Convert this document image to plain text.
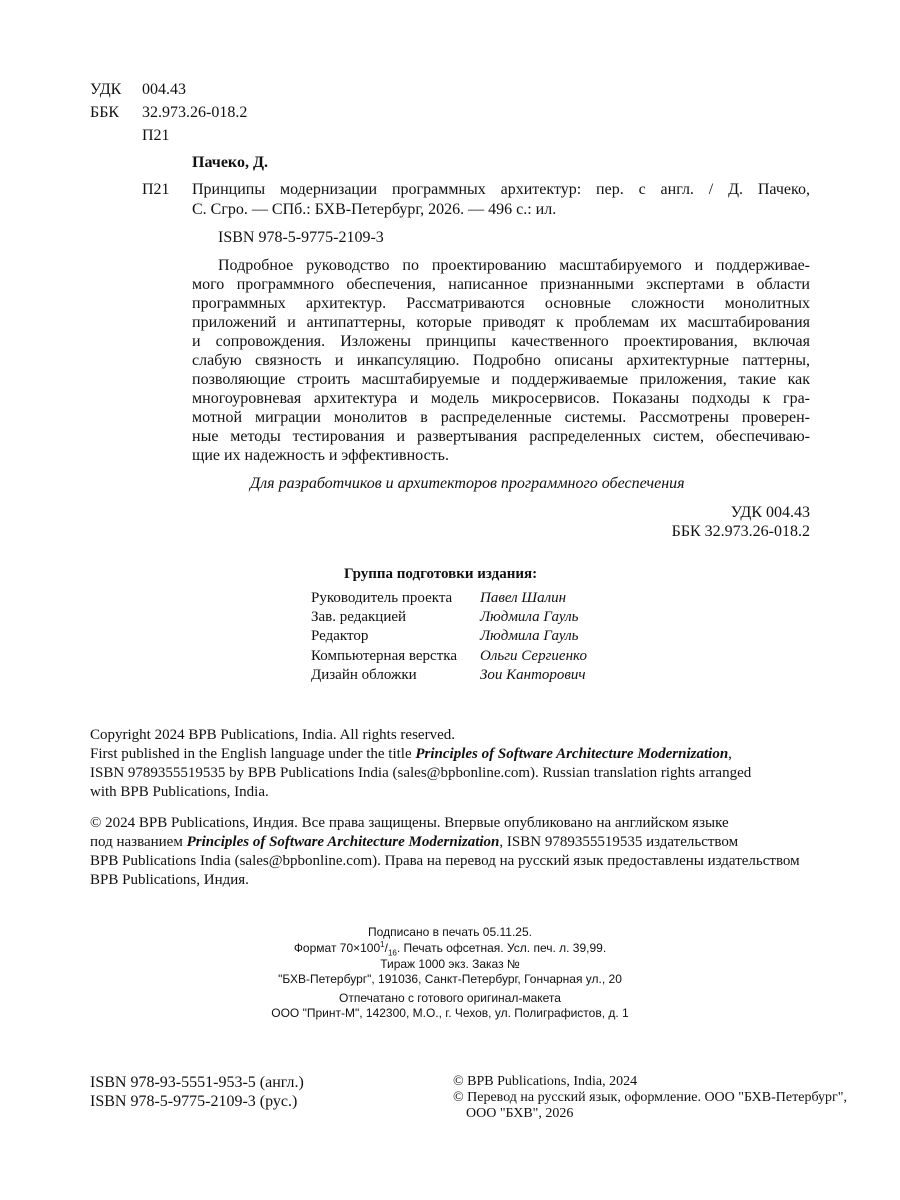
УДК 004.43
ББК 32.973.26-018.2
П21
Пачеко, Д.
П21 Принципы модернизации программных архитектур: пер. с англ. / Д. Пачеко,
С. Сгро. — СПб.: БХВ-Петербург, 2026. — 496 с.: ил.
ISBN 978-5-9775-2109-3
Подробное руководство по проектированию масштабируемого и поддерживае-
мого программного обеспечения, написанное признанными экспертами в области
программных архитектур. Рассматриваются основные сложности монолитных
приложений и антипаттерны, которые приводят к проблемам их масштабирования
и сопровождения. Изложены принципы качественного проектирования, включая
слабую связность и инкапсуляцию. Подробно описаны архитектурные паттерны,
позволяющие строить масштабируемые и поддерживаемые приложения, такие как
многоуровневая архитектура и модель микросервисов. Показаны подходы к гра-
мотной миграции монолитов в распределенные системы. Рассмотрены проверен-
ные методы тестирования и развертывания распределенных систем, обеспечиваю-
щие их надежность и эффективность.
Для разработчиков и архитекторов программного обеспечения
УДК 004.43
ББК 32.973.26-018.2
Группа подготовки издания:
Руководитель проекта Павел Шалин
Зав. редакцией	Людмила Гауль
Редактор	Людмила Гауль
Компьютерная верстка Ольги Сергиенко
Дизайн обложки	Зои Канторович
Copyright 2024 BPB Publications, India. All rights reserved.
First published in the English language under the title Principles of Software Architecture Modernization,
ISBN 9789355519535 by BPB Publications India (sales@bpbonline.com). Russian translation rights arranged
with BPB Publications, India.
© 2024 BPB Publications, Индия. Все права защищены. Впервые опубликовано на английском языке
под названием Principles of Software Architecture Modernization, ISBN 9789355519535 издательством
BPB Publications India (sales@bpbonline.com). Права на перевод на русский язык предоставлены издательством
BPB Publications, Индия.
Подписано в печать 05.11.25.
Формат $70\times 100^1/_{16}$. Печать офсетная. Усл. печ. л. 39,99.
Тираж 1000 экз. Заказ №
"БХВ-Петербург", 191036, Санкт-Петербург, Гончарная ул., 20
Отпечатано с готового оригинал-макета
ООО "Принт-М", 142300, М.О., г. Чехов, ул. Полиграфистов, д. 1
ISBN 978-93-5551-953-5 (англ.)
ISBN 978-5-9775-2109-3 (рус.)
© BPB Publications, India, 2024
© Перевод на русский язык, оформление. ООО "БХВ-Петербург",
ООО "БХВ", 2026
